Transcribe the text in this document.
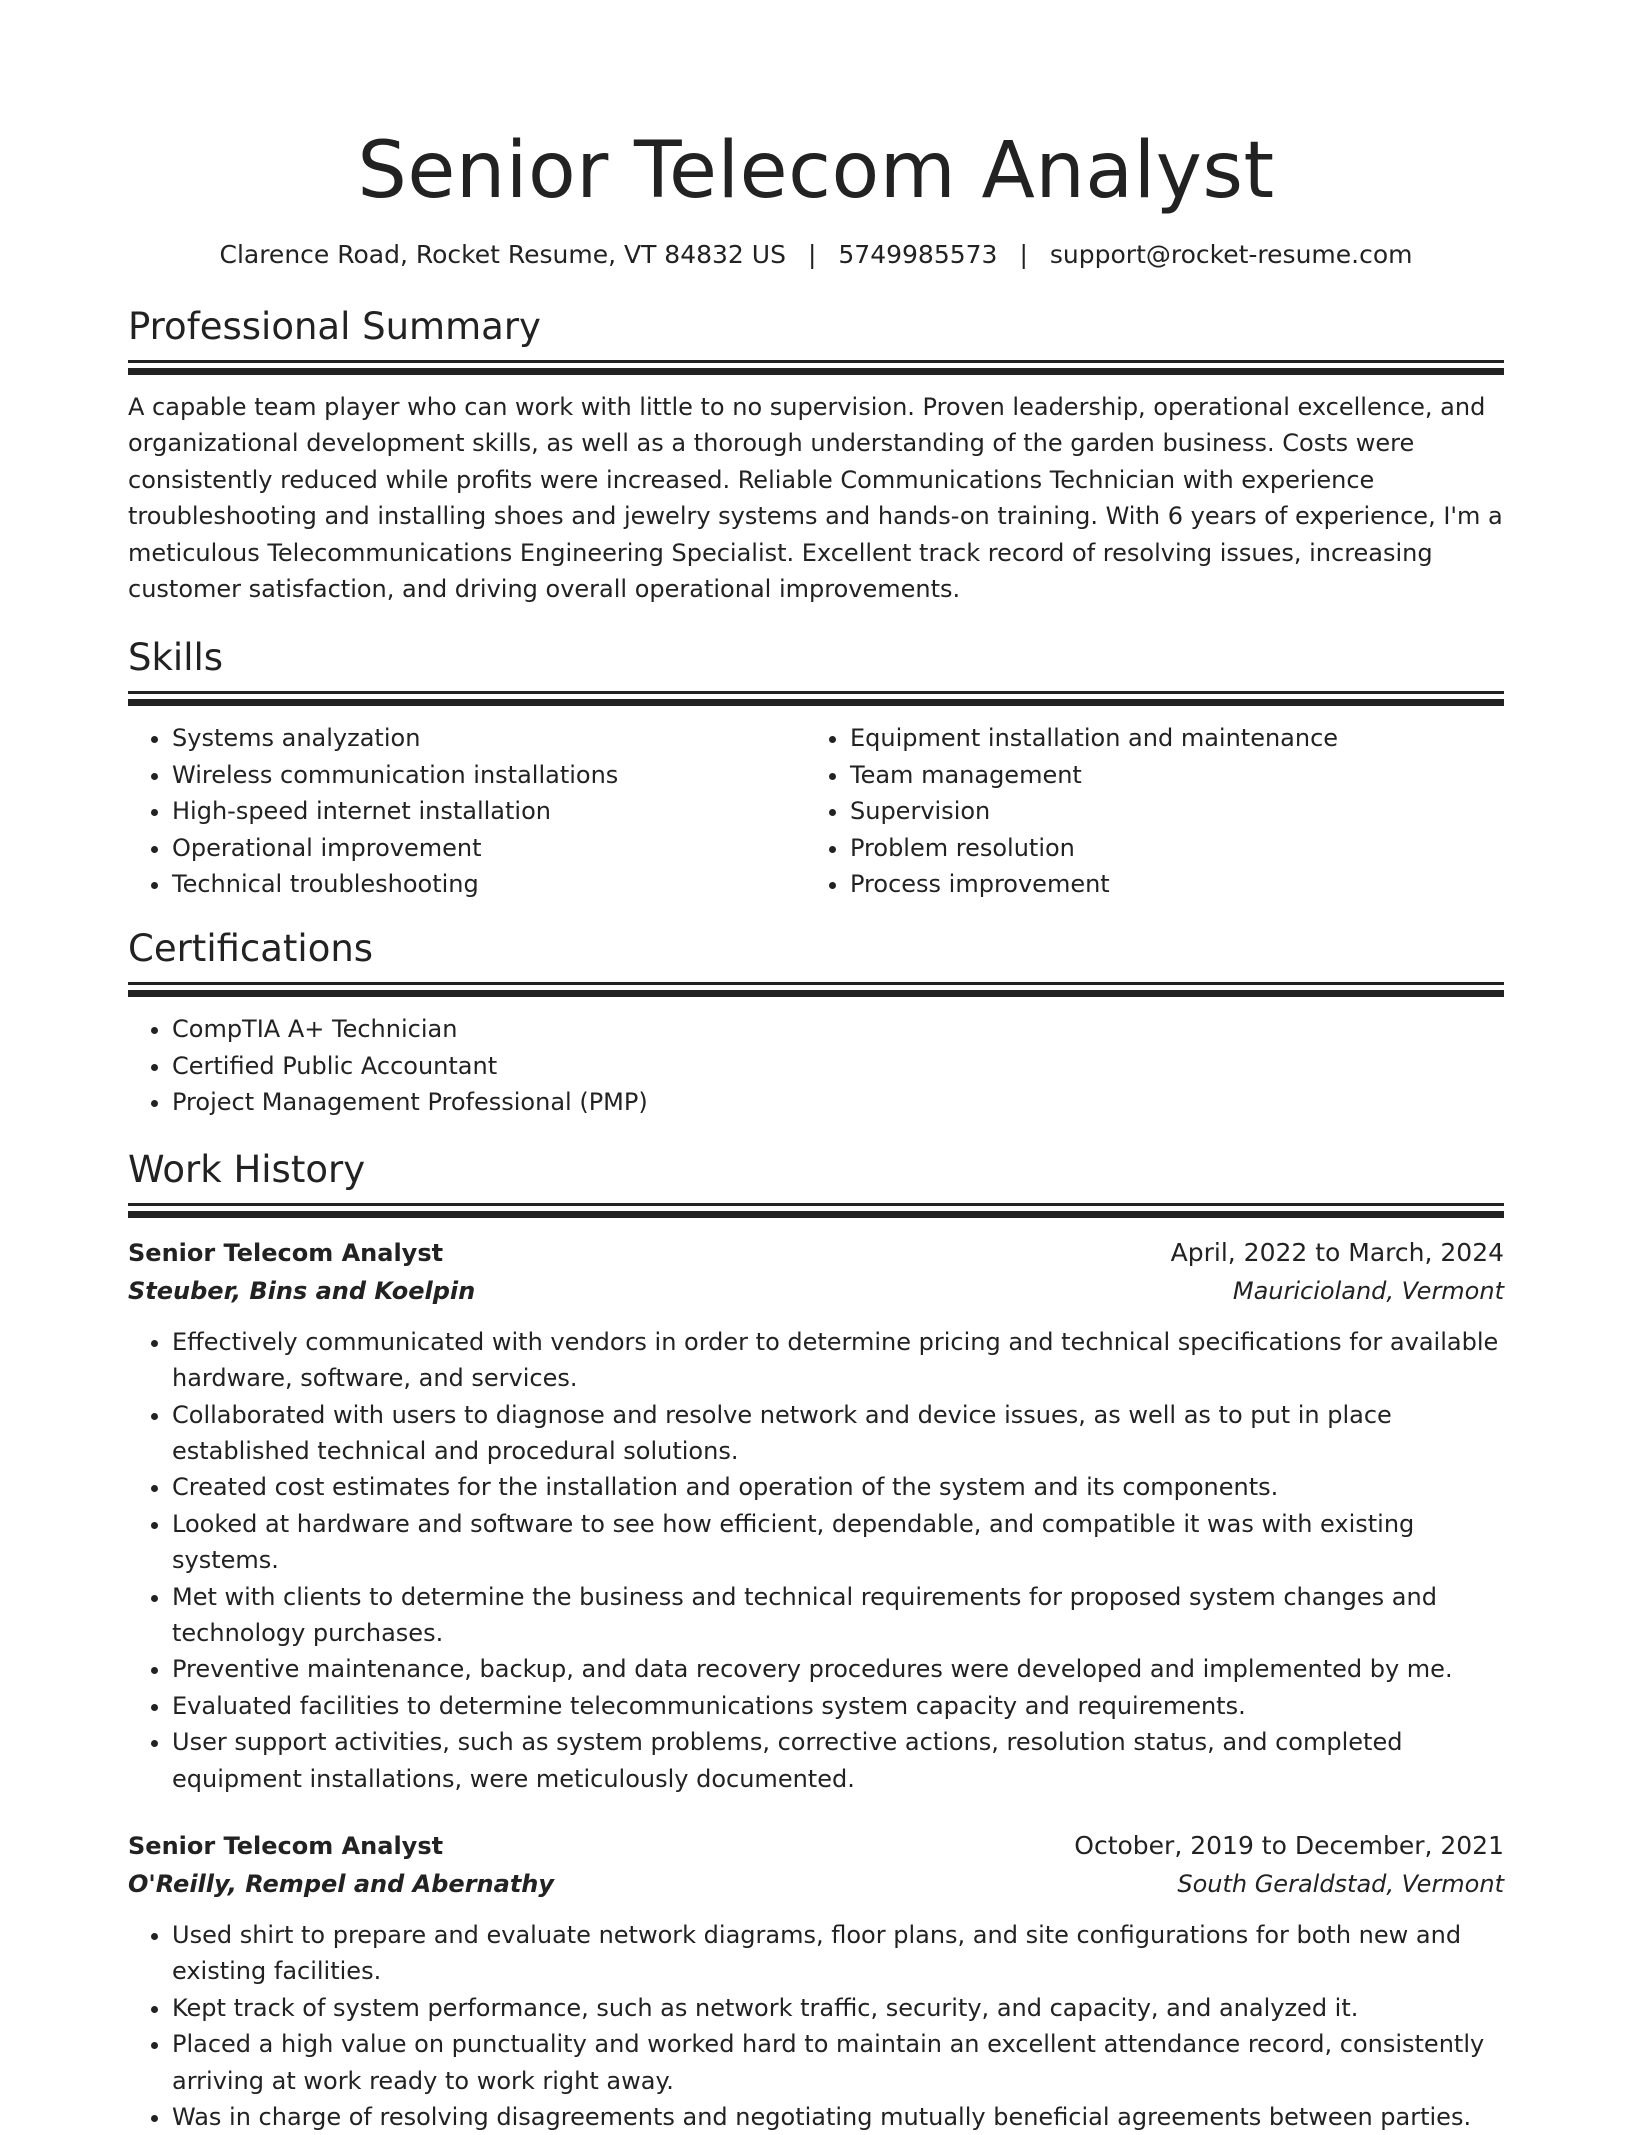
Senior Telecom Analyst
Clarence Road, Rocket Resume, VT 84832 US | 5749985573 | support@rocket-resume.com
Professional Summary

A capable team player who can work with little to no supervision. Proven leadership, operational excellence, and organizational development skills, as well as a thorough understanding of the garden business. Costs were consistently reduced while profits were increased. Reliable Communications Technician with experience troubleshooting and installing shoes and jewelry systems and hands-on training. With 6 years of experience, I'm a meticulous Telecommunications Engineering Specialist. Excellent track record of resolving issues, increasing customer satisfaction, and driving overall operational improvements.

Skills
• Systems analyzation
• Wireless communication installations
• High-speed internet installation
• Operational improvement
• Technical troubleshooting
• Equipment installation and maintenance
• Team management
• Supervision
• Problem resolution
• Process improvement
Certifications
• CompTIA A+ Technician
• Certified Public Accountant
• Project Management Professional (PMP)
Work History
Senior Telecom Analyst	April, 2022 to March, 2024
Steuber, Bins and Koelpin	Mauricioland, Vermont
• Effectively communicated with vendors in order to determine pricing and technical specifications for available hardware, software, and services.
• Collaborated with users to diagnose and resolve network and device issues, as well as to put in place established technical and procedural solutions.
• Created cost estimates for the installation and operation of the system and its components.
• Looked at hardware and software to see how efficient, dependable, and compatible it was with existing systems.
• Met with clients to determine the business and technical requirements for proposed system changes and technology purchases.
• Preventive maintenance, backup, and data recovery procedures were developed and implemented by me.
• Evaluated facilities to determine telecommunications system capacity and requirements.
• User support activities, such as system problems, corrective actions, resolution status, and completed equipment installations, were meticulously documented.
Senior Telecom Analyst	October, 2019 to December, 2021
O'Reilly, Rempel and Abernathy	South Geraldstad, Vermont
• Used shirt to prepare and evaluate network diagrams, floor plans, and site configurations for both new and existing facilities.
• Kept track of system performance, such as network traffic, security, and capacity, and analyzed it.
• Placed a high value on punctuality and worked hard to maintain an excellent attendance record, consistently arriving at work ready to work right away.
• Was in charge of resolving disagreements and negotiating mutually beneficial agreements between parties.
